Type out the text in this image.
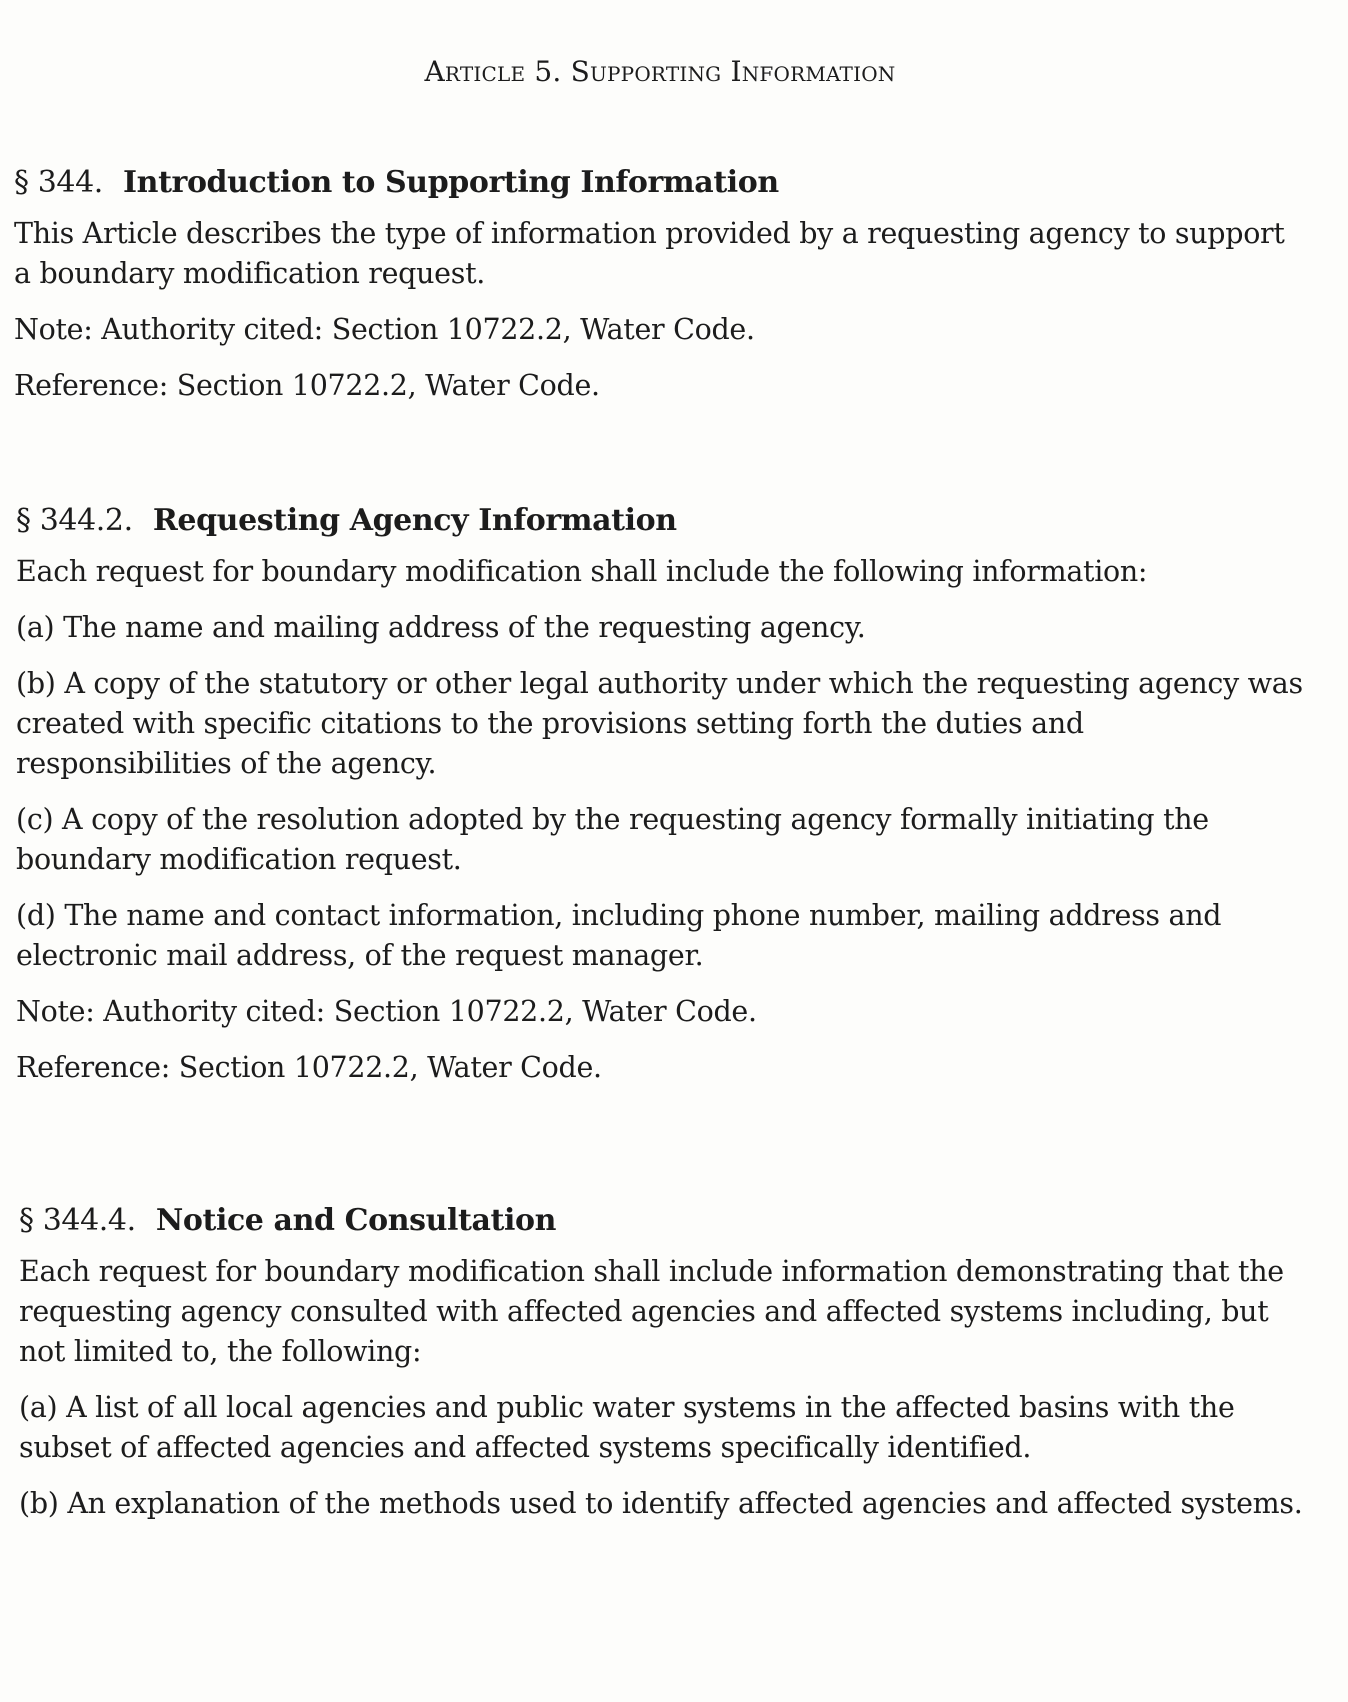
Article 5. Supporting Information
§ 344. Introduction to Supporting Information

This Article describes the type of information provided by a requesting agency to support a boundary modification request.

Note: Authority cited: Section 10722.2, Water Code.

Reference: Section 10722.2, Water Code.

§ 344.2. Requesting Agency Information

Each request for boundary modification shall include the following information:

(a) The name and mailing address of the requesting agency.

(b) A copy of the statutory or other legal authority under which the requesting agency was created with specific citations to the provisions setting forth the duties and responsibilities of the agency.

(c) A copy of the resolution adopted by the requesting agency formally initiating the boundary modification request.

(d) The name and contact information, including phone number, mailing address and electronic mail address, of the request manager.

Note: Authority cited: Section 10722.2, Water Code.

Reference: Section 10722.2, Water Code.

§ 344.4. Notice and Consultation

Each request for boundary modification shall include information demonstrating that the requesting agency consulted with affected agencies and affected systems including, but not limited to, the following:

(a) A list of all local agencies and public water systems in the affected basins with the subset of affected agencies and affected systems specifically identified.

(b) An explanation of the methods used to identify affected agencies and affected systems.
